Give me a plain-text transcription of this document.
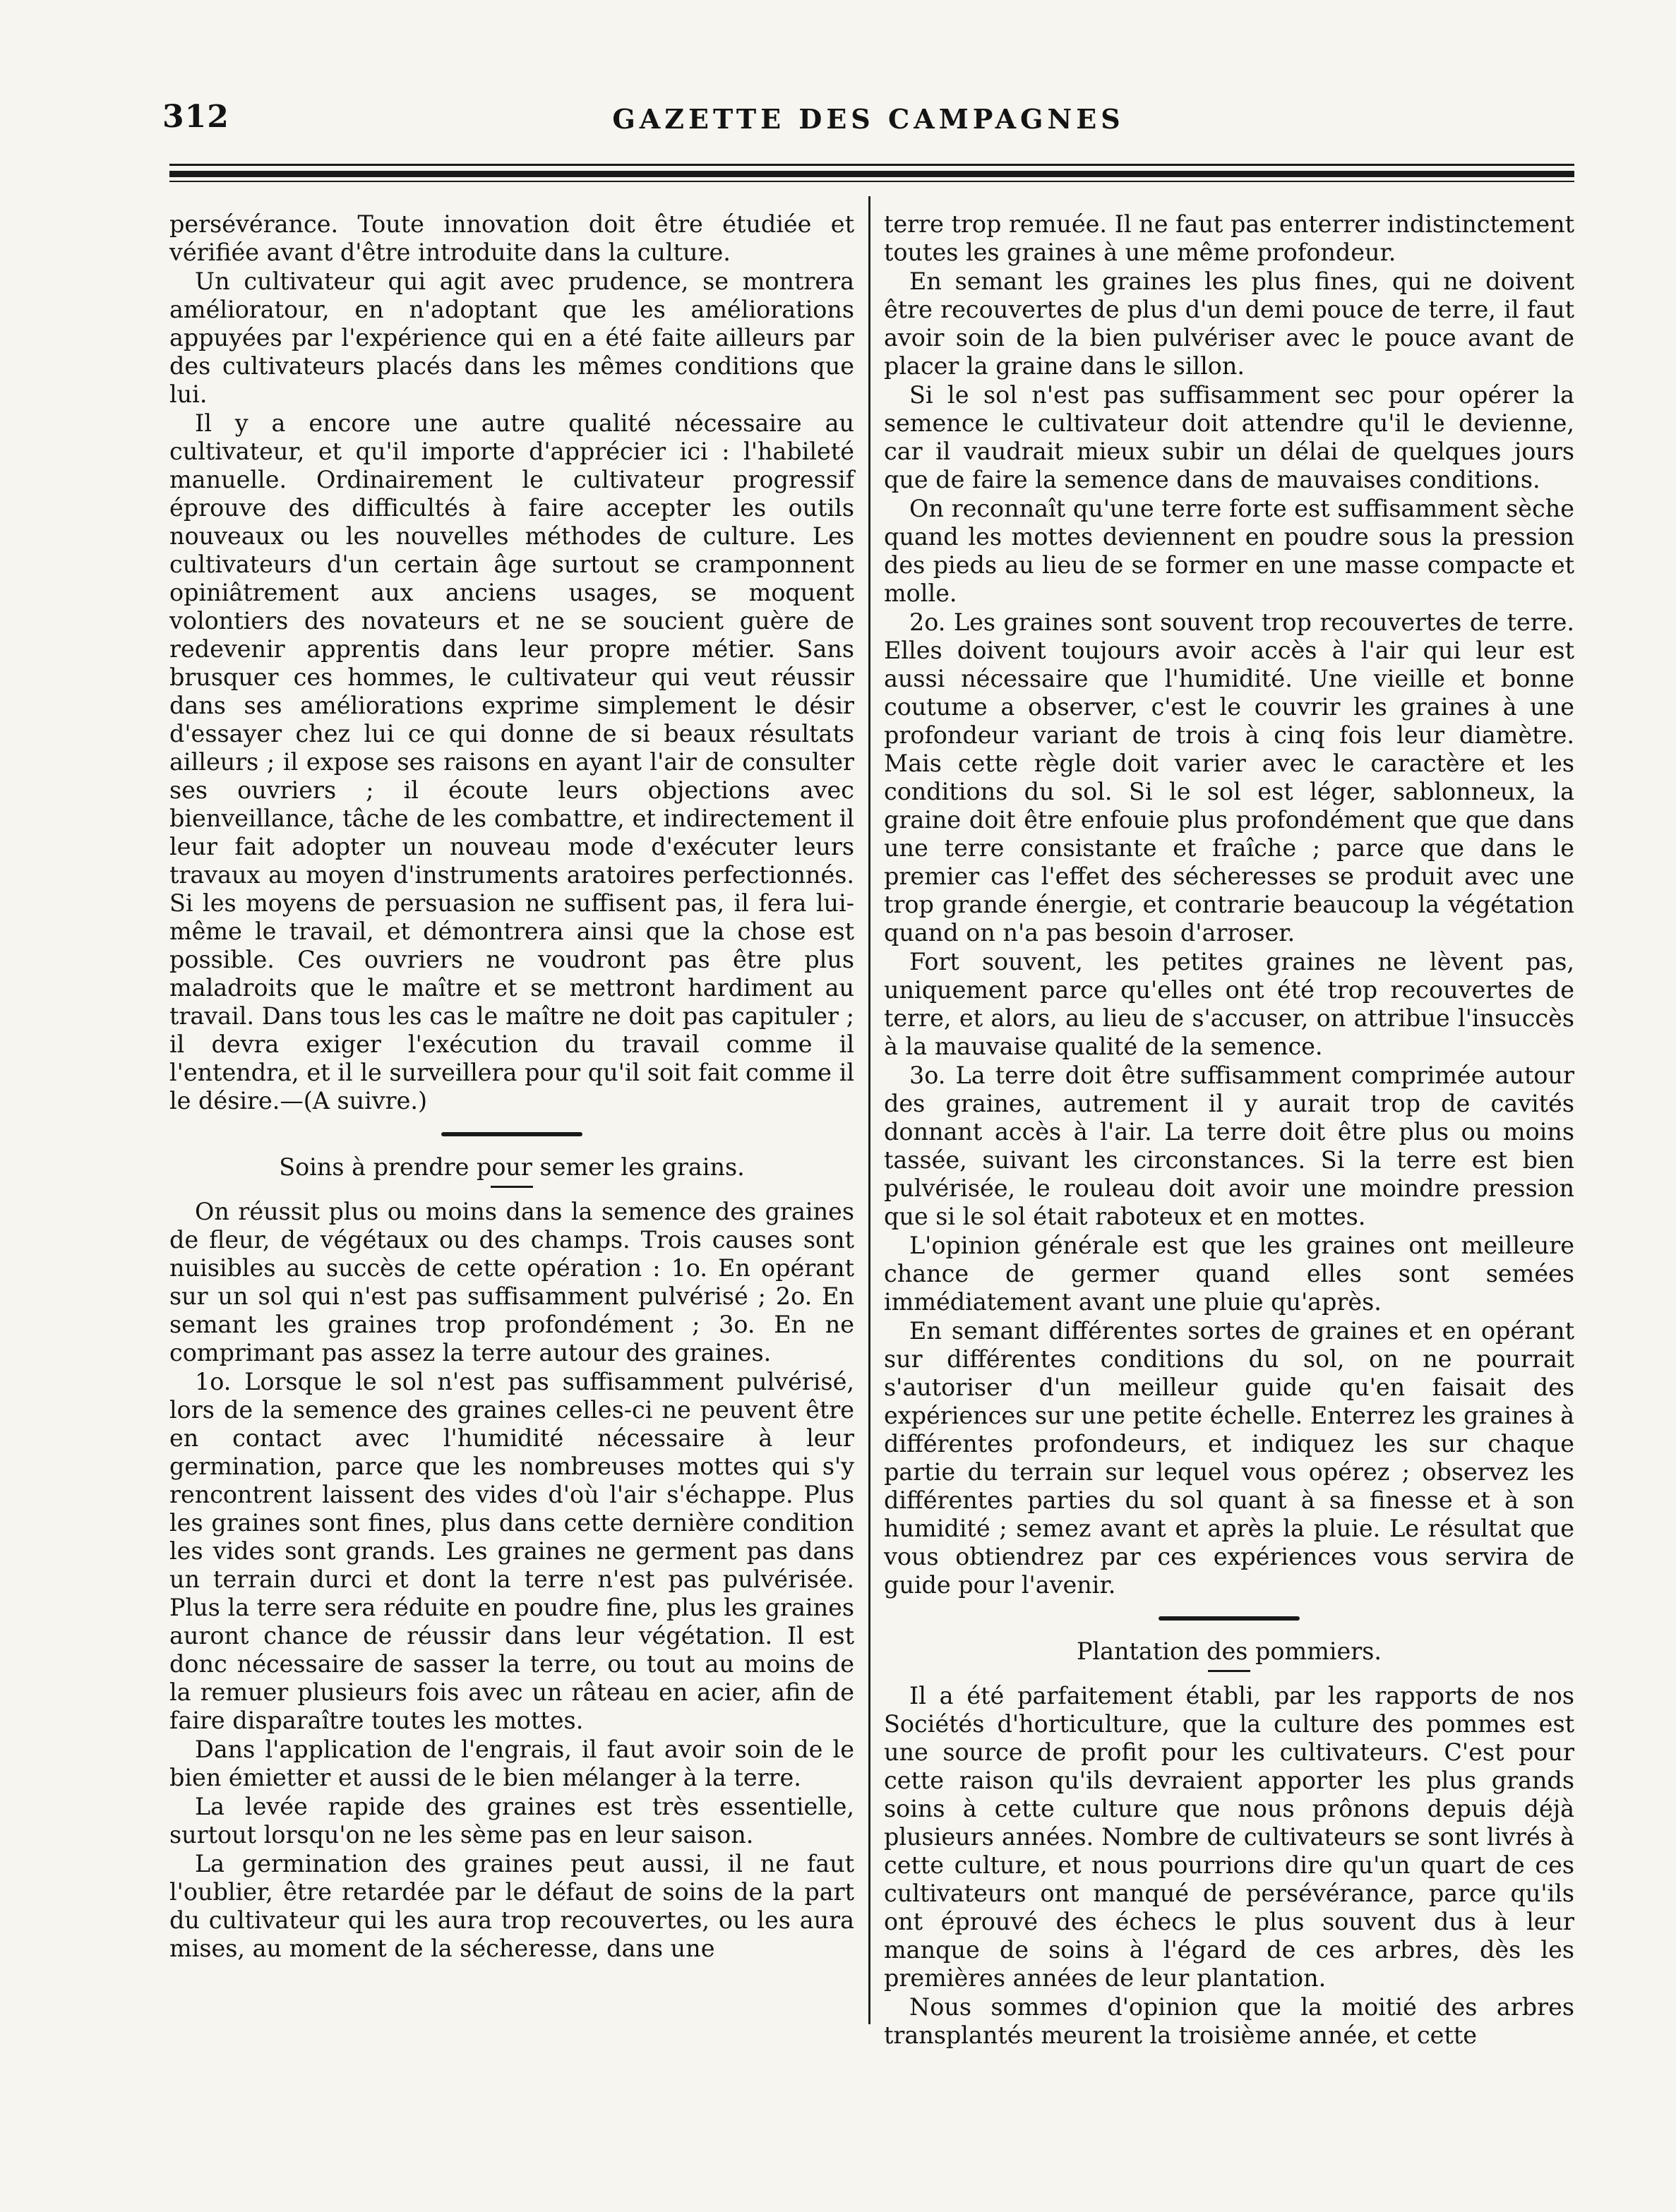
312	GAZETTE DES CAMPAGNES

persévérance. Toute innovation doit être étudiée et vérifiée avant d'être introduite dans la culture.

Un cultivateur qui agit avec prudence, se montrera amélioratour, en n'adoptant que les améliorations appuyées par l'expérience qui en a été faite ailleurs par des cultivateurs placés dans les mêmes conditions que lui.

Il y a encore une autre qualité nécessaire au cultivateur, et qu'il importe d'apprécier ici : l'habileté manuelle. Ordinairement le cultivateur progressif éprouve des difficultés à faire accepter les outils nouveaux ou les nouvelles méthodes de culture. Les cultivateurs d'un certain âge surtout se cramponnent opiniâtrement aux anciens usages, se moquent volontiers des novateurs et ne se soucient guère de redevenir apprentis dans leur propre métier. Sans brusquer ces hommes, le cultivateur qui veut réussir dans ses améliorations exprime simplement le désir d'essayer chez lui ce qui donne de si beaux résultats ailleurs ; il expose ses raisons en ayant l'air de consulter ses ouvriers ; il écoute leurs objections avec bienveillance, tâche de les combattre, et indirectement il leur fait adopter un nouveau mode d'exécuter leurs travaux au moyen d'instruments aratoires perfectionnés. Si les moyens de persuasion ne suffisent pas, il fera lui-même le travail, et démontrera ainsi que la chose est possible. Ces ouvriers ne voudront pas être plus maladroits que le maître et se mettront hardiment au travail. Dans tous les cas le maître ne doit pas capituler ; il devra exiger l'exécution du travail comme il l'entendra, et il le surveillera pour qu'il soit fait comme il le désire.—(A suivre.)

Soins à prendre pour semer les grains.

On réussit plus ou moins dans la semence des graines de fleur, de végétaux ou des champs. Trois causes sont nuisibles au succès de cette opération : 1o. En opérant sur un sol qui n'est pas suffisamment pulvérisé ; 2o. En semant les graines trop profondément ; 3o. En ne comprimant pas assez la terre autour des graines.

1o. Lorsque le sol n'est pas suffisamment pulvérisé, lors de la semence des graines celles-ci ne peuvent être en contact avec l'humidité nécessaire à leur germination, parce que les nombreuses mottes qui s'y rencontrent laissent des vides d'où l'air s'échappe. Plus les graines sont fines, plus dans cette dernière condition les vides sont grands. Les graines ne germent pas dans un terrain durci et dont la terre n'est pas pulvérisée. Plus la terre sera réduite en poudre fine, plus les graines auront chance de réussir dans leur végétation. Il est donc nécessaire de sasser la terre, ou tout au moins de la remuer plusieurs fois avec un râteau en acier, afin de faire disparaître toutes les mottes.

Dans l'application de l'engrais, il faut avoir soin de le bien émietter et aussi de le bien mélanger à la terre.

La levée rapide des graines est très essentielle, surtout lorsqu'on ne les sème pas en leur saison.

La germination des graines peut aussi, il ne faut l'oublier, être retardée par le défaut de soins de la part du cultivateur qui les aura trop recouvertes, ou les aura mises, au moment de la sécheresse, dans une

terre trop remuée. Il ne faut pas enterrer indistinctement toutes les graines à une même profondeur.

En semant les graines les plus fines, qui ne doivent être recouvertes de plus d'un demi pouce de terre, il faut avoir soin de la bien pulvériser avec le pouce avant de placer la graine dans le sillon.

Si le sol n'est pas suffisamment sec pour opérer la semence le cultivateur doit attendre qu'il le devienne, car il vaudrait mieux subir un délai de quelques jours que de faire la semence dans de mauvaises conditions.

On reconnaît qu'une terre forte est suffisamment sèche quand les mottes deviennent en poudre sous la pression des pieds au lieu de se former en une masse compacte et molle.

2o. Les graines sont souvent trop recouvertes de terre. Elles doivent toujours avoir accès à l'air qui leur est aussi nécessaire que l'humidité. Une vieille et bonne coutume a observer, c'est le couvrir les graines à une profondeur variant de trois à cinq fois leur diamètre. Mais cette règle doit varier avec le caractère et les conditions du sol. Si le sol est léger, sablonneux, la graine doit être enfouie plus profondément que que dans une terre consistante et fraîche ; parce que dans le premier cas l'effet des sécheresses se produit avec une trop grande énergie, et contrarie beaucoup la végétation quand on n'a pas besoin d'arroser.

Fort souvent, les petites graines ne lèvent pas, uniquement parce qu'elles ont été trop recouvertes de terre, et alors, au lieu de s'accuser, on attribue l'insuccès à la mauvaise qualité de la semence.

3o. La terre doit être suffisamment comprimée autour des graines, autrement il y aurait trop de cavités donnant accès à l'air. La terre doit être plus ou moins tassée, suivant les circonstances. Si la terre est bien pulvérisée, le rouleau doit avoir une moindre pression que si le sol était raboteux et en mottes.

L'opinion générale est que les graines ont meilleure chance de germer quand elles sont semées immédiatement avant une pluie qu'après.

En semant différentes sortes de graines et en opérant sur différentes conditions du sol, on ne pourrait s'autoriser d'un meilleur guide qu'en faisait des expériences sur une petite échelle. Enterrez les graines à différentes profondeurs, et indiquez les sur chaque partie du terrain sur lequel vous opérez ; observez les différentes parties du sol quant à sa finesse et à son humidité ; semez avant et après la pluie. Le résultat que vous obtiendrez par ces expériences vous servira de guide pour l'avenir.

Plantation des pommiers.

Il a été parfaitement établi, par les rapports de nos Sociétés d'horticulture, que la culture des pommes est une source de profit pour les cultivateurs. C'est pour cette raison qu'ils devraient apporter les plus grands soins à cette culture que nous prônons depuis déjà plusieurs années. Nombre de cultivateurs se sont livrés à cette culture, et nous pourrions dire qu'un quart de ces cultivateurs ont manqué de persévérance, parce qu'ils ont éprouvé des échecs le plus souvent dus à leur manque de soins à l'égard de ces arbres, dès les premières années de leur plantation.

Nous sommes d'opinion que la moitié des arbres transplantés meurent la troisième année, et cette
